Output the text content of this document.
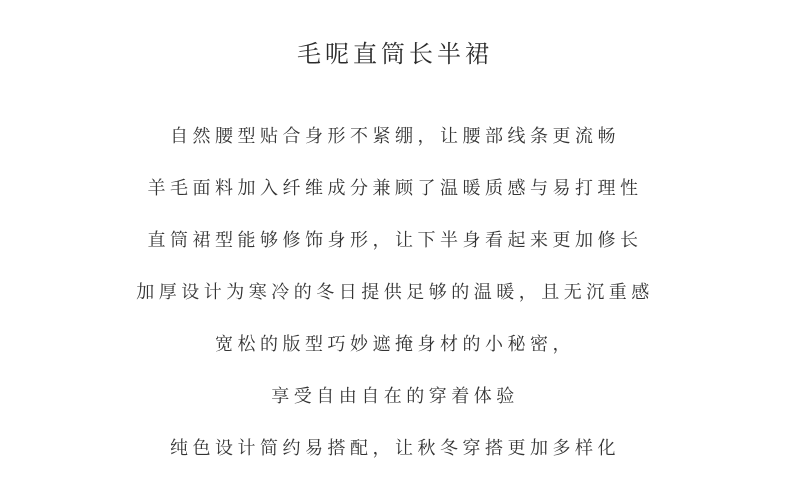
毛呢直筒长半裙
自然腰型贴合身形不紧绷，让腰部线条更流畅
羊毛面料加入纤维成分兼顾了温暖质感与易打理性
直筒裙型能够修饰身形，让下半身看起来更加修长
加厚设计为寒冷的冬日提供足够的温暖，且无沉重感
宽松的版型巧妙遮掩身材的小秘密，
享受自由自在的穿着体验
纯色设计简约易搭配，让秋冬穿搭更加多样化
